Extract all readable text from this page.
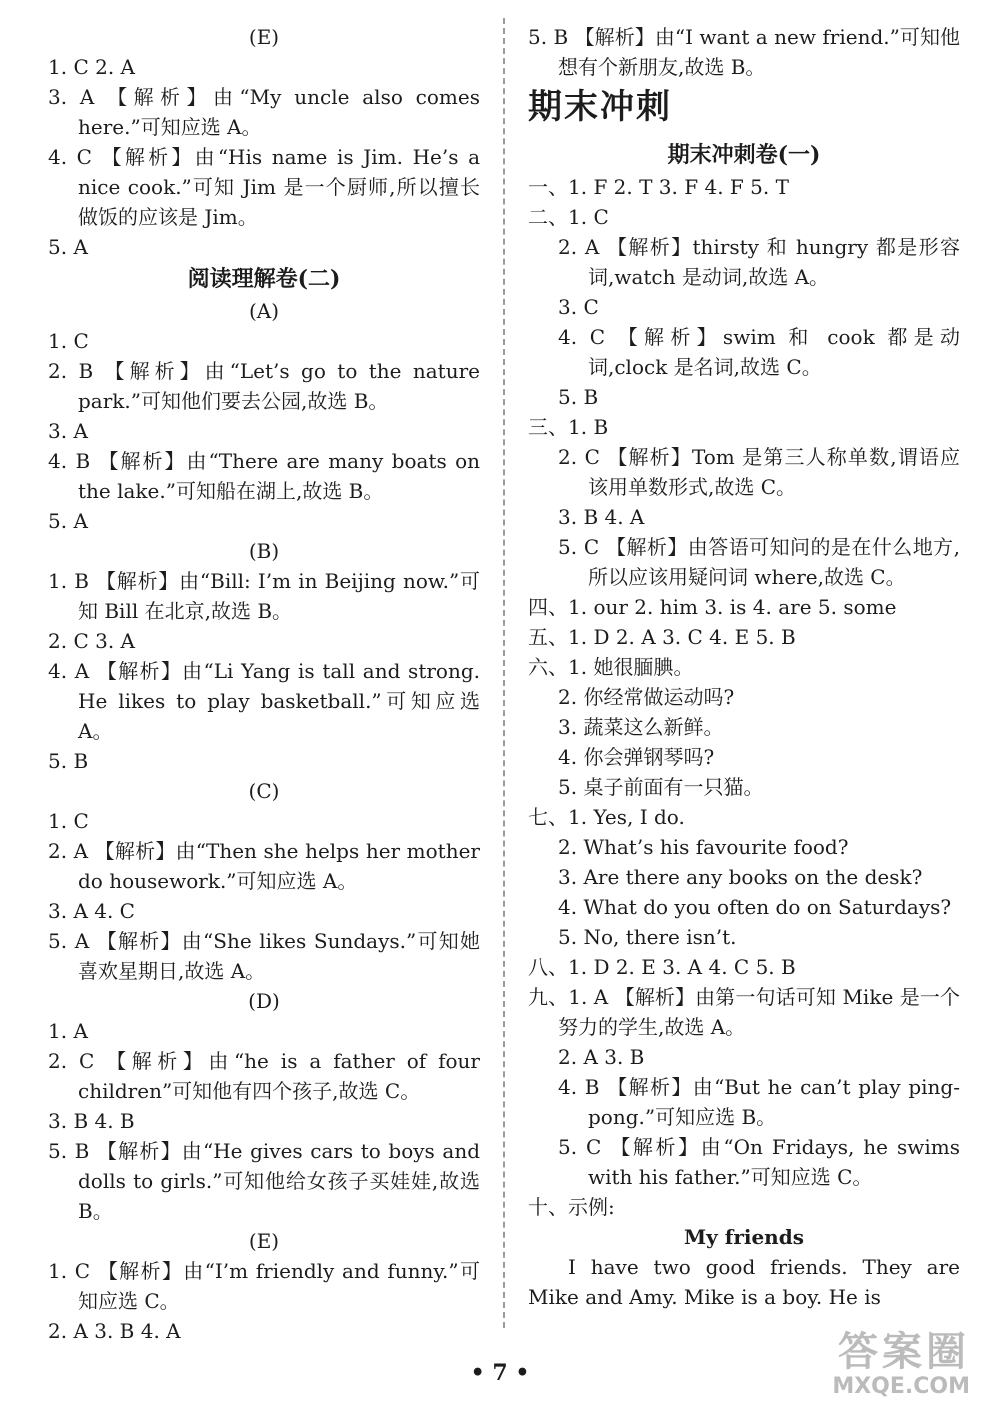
(E)
1. C 2. A
3. A 【解析】由“My uncle also comes here.”可知应选 A。
4. C 【解析】由“His name is Jim. He’s a nice cook.”可知 Jim 是一个厨师,所以擅长做饭的应该是 Jim。
5. A
阅读理解卷(二)
(A)
1. C
2. B 【解析】由“Let’s go to the nature park.”可知他们要去公园,故选 B。
3. A
4. B 【解析】由“There are many boats on the lake.”可知船在湖上,故选 B。
5. A
(B)
1. B 【解析】由“Bill: I’m in Beijing now.”可知 Bill 在北京,故选 B。
2. C 3. A
4. A 【解析】由“Li Yang is tall and strong. He likes to play basketball.”可知应选 A。
5. B
(C)
1. C
2. A 【解析】由“Then she helps her mother do housework.”可知应选 A。
3. A 4. C
5. A 【解析】由“She likes Sundays.”可知她喜欢星期日,故选 A。
(D)
1. A
2. C 【解析】由“he is a father of four children”可知他有四个孩子,故选 C。
3. B 4. B
5. B 【解析】由“He gives cars to boys and dolls to girls.”可知他给女孩子买娃娃,故选 B。
(E)
1. C 【解析】由“I’m friendly and funny.”可知应选 C。
2. A 3. B 4. A
5. B 【解析】由“I want a new friend.”可知他想有个新朋友,故选 B。
期末冲刺
期末冲刺卷(一)
一、1. F 2. T 3. F 4. F 5. T
二、1. C
2. A 【解析】thirsty 和 hungry 都是形容词,watch 是动词,故选 A。
3. C
4. C 【解析】swim 和 cook 都是动词,clock 是名词,故选 C。
5. B
三、1. B
2. C 【解析】Tom 是第三人称单数,谓语应该用单数形式,故选 C。
3. B 4. A
5. C 【解析】由答语可知问的是在什么地方,所以应该用疑问词 where,故选 C。
四、1. our 2. him 3. is 4. are 5. some
五、1. D 2. A 3. C 4. E 5. B
六、1. 她很腼腆。
2. 你经常做运动吗?
3. 蔬菜这么新鲜。
4. 你会弹钢琴吗?
5. 桌子前面有一只猫。
七、1. Yes, I do.
2. What’s his favourite food?
3. Are there any books on the desk?
4. What do you often do on Saturdays?
5. No, there isn’t.
八、1. D 2. E 3. A 4. C 5. B
九、1. A 【解析】由第一句话可知 Mike 是一个努力的学生,故选 A。
2. A 3. B
4. B 【解析】由“But he can’t play ping-pong.”可知应选 B。
5. C 【解析】由“On Fridays, he swims with his father.”可知应选 C。
十、示例:
My friends
I have two good friends. They are Mike and Amy. Mike is a boy. He is
• 7 •	答案圈
MXQE.COM
